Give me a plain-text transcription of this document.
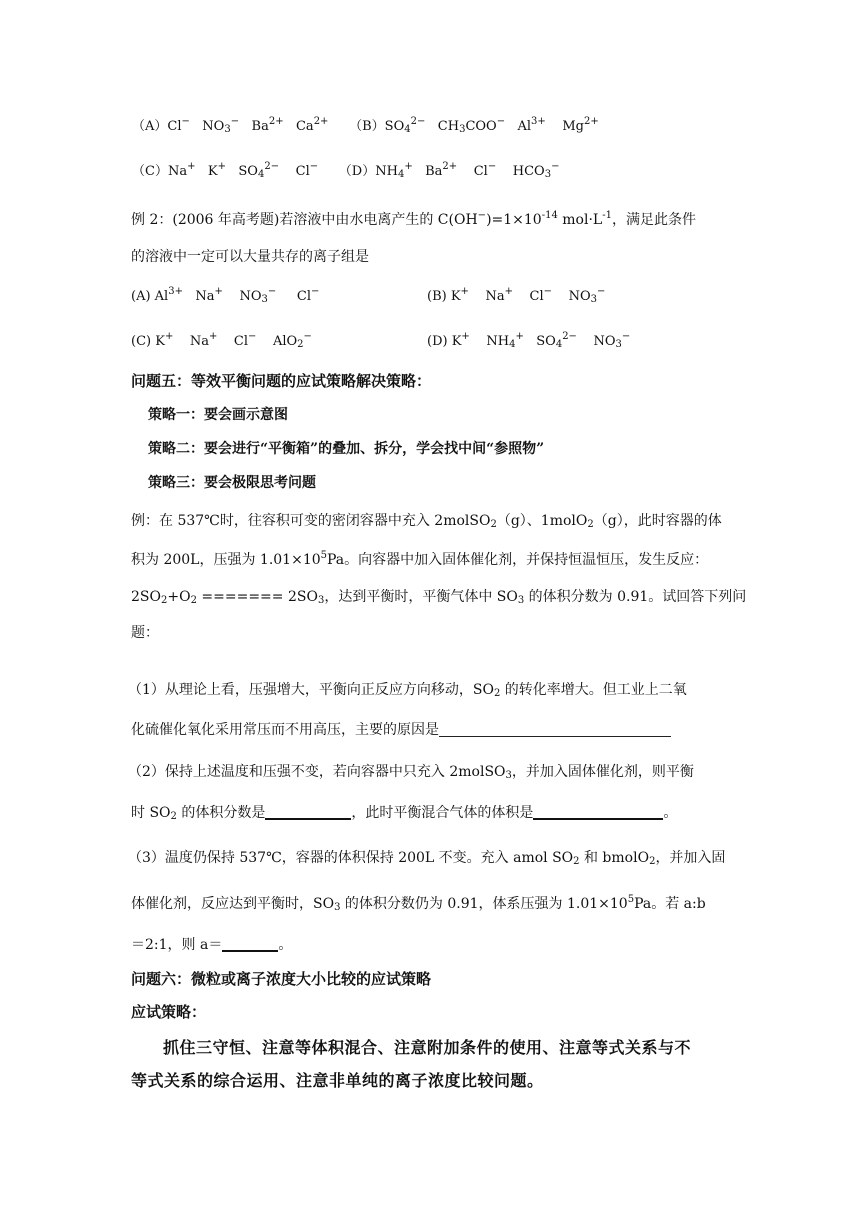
（A）Cl− $NO_3^-$ $Ba^{2+}$ $Ca^{2+}$ $(B)SO_4^{2-}$ $CH_3COO^-$ $Al^{3+}$ $Mg^{2+}$
（C）Na+ K+ $SO_4^{2-}$ Cl− $(D)NH_4^+$ $Ba^{2+}$ Cl− $HCO_3^-$
例 2：(2006 年高考题)若溶液中由水电离产生的 $C(OH^-)=1\times 10^{-14}$ $mol\cdot L^{-1}$，满足此条件
的溶液中一定可以大量共存的离子组是
(A) $Al^{3+}$ Na+ $NO_3^-$ Cl−	(B) K+ Na+ Cl− $NO_3^-$
(C) K+ Na+ Cl− AlO$_2$−	(D) K+ $NH_4^+$ $SO_4^{2-}$ $NO_3^-$
问题五：等效平衡问题的应试策略解决策略：
策略一：要会画示意图
策略二：要会进行“平衡箱”的叠加、拆分，学会找中间“参照物”
策略三：要会极限思考问题
例：在 537℃时，往容积可变的密闭容器中充入 2molSO$_2$（g）、1molO$_2$（g），此时容器的体
积为 200L，压强为 $1.01\times 10^5Pa$。向容器中加入固体催化剂，并保持恒温恒压，发生反应：
$2SO_2+O_2$ ======= $2SO_3$，达到平衡时，平衡气体中 $SO_3$ 的体积分数为 0.91。试回答下列问
题：
（1）从理论上看，压强增大，平衡向正反应方向移动，$SO_2$ 的转化率增大。但工业上二氧
化硫催化氧化采用常压而不用高压，主要的原因是
（2）保持上述温度和压强不变，若向容器中只充入 2molSO$_3$，并加入固体催化剂，则平衡
时 $SO_2$ 的体积分数是	，此时平衡混合气体的体积是	。
（3）温度仍保持 537℃，容器的体积保持 200L 不变。充入 amol $SO_2$ 和 bmolO$_2$，并加入固
体催化剂，反应达到平衡时，$SO_3$ 的体积分数仍为 0.91，体系压强为 $1.01\times 10^5Pa$。若 a:b
＝2:1，则 a＝	。
问题六：微粒或离子浓度大小比较的应试策略
应试策略：
抓住三守恒、注意等体积混合、注意附加条件的使用、注意等式关系与不
等式关系的综合运用、注意非单纯的离子浓度比较问题。
